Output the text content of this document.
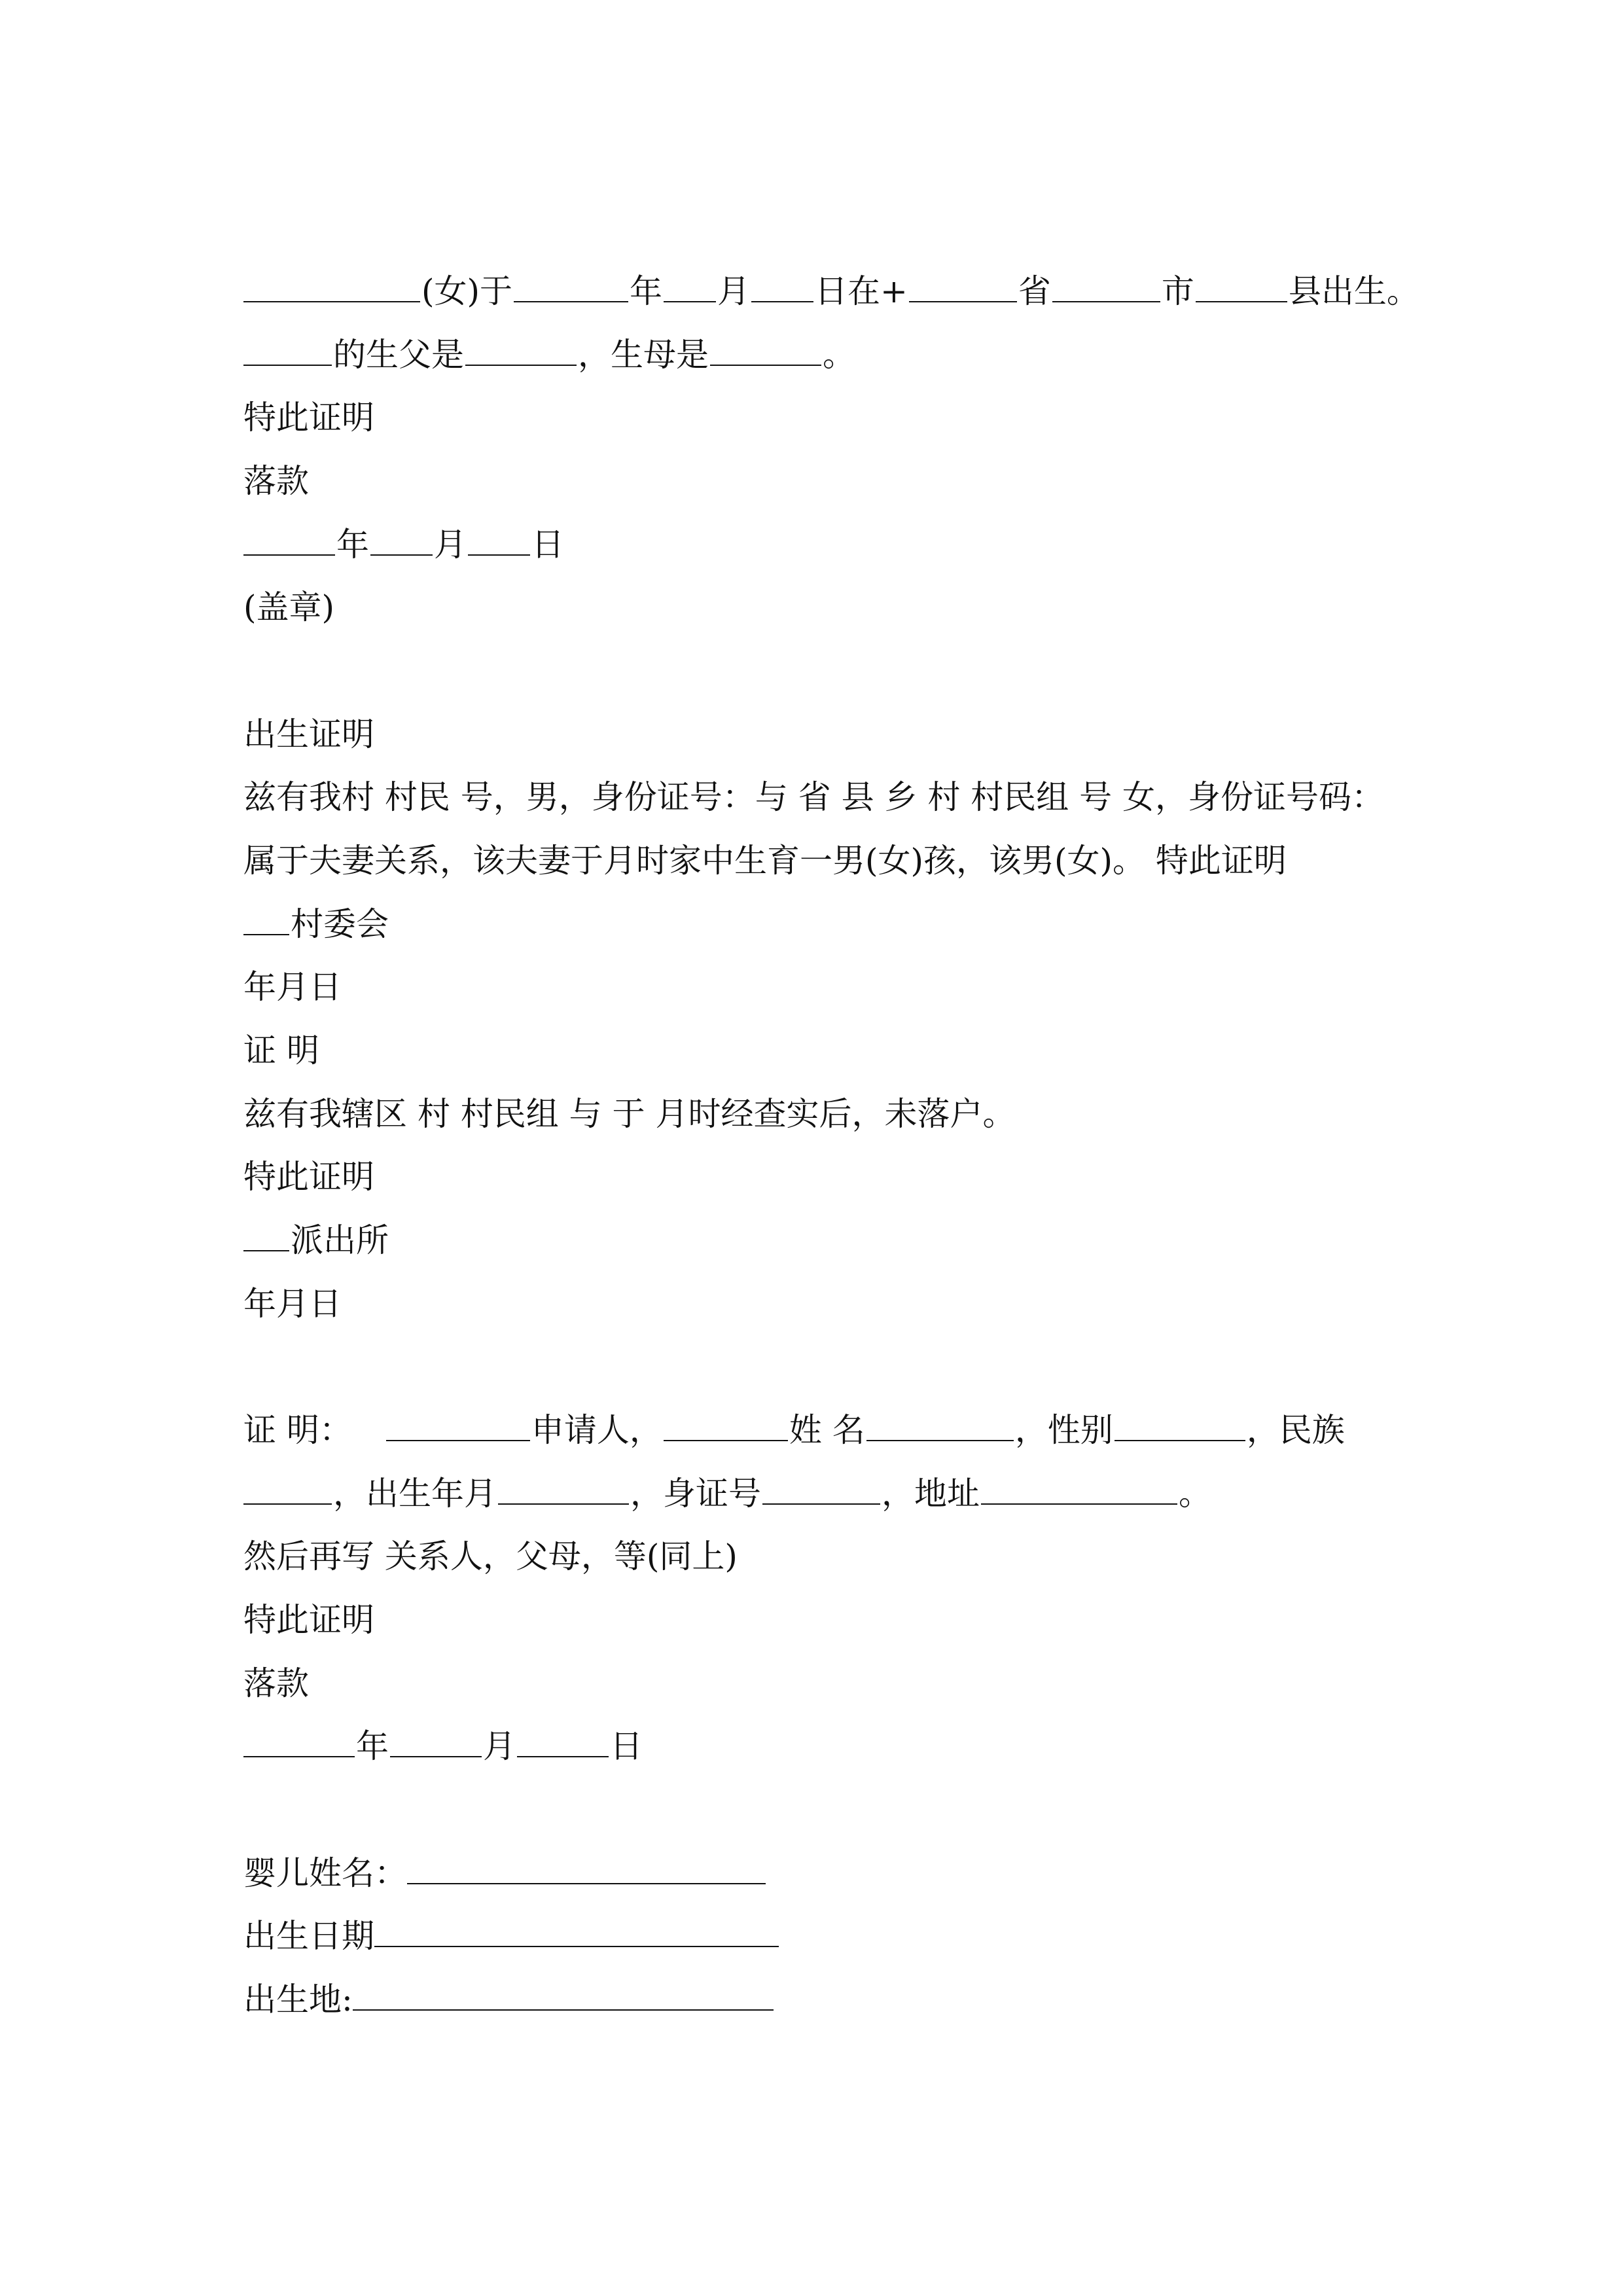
(女)于	年 月 日在+	省	市	县出生。
的生父是	，生母是	。
特此证明
落款
年 月 日
(盖章)
出生证明
兹有我村 村民 号，男，身份证号：与 省 县 乡 村 村民组 号 女，身份证号码：
属于夫妻关系，该夫妻于月时家中生育一男(女)孩，该男(女)。 特此证明
村委会
年月日
证 明
兹有我辖区 村 村民组 与 于 月时经查实后，未落户。
特此证明
派出所
年月日
证 明：	申请人，	姓 名	，性别	，民族
，出生年月	，身证号	，地址	。
然后再写 关系人，父母，等(同上)
特此证明
落款
年	月	日
婴儿姓名：
出生日期
出生地:
